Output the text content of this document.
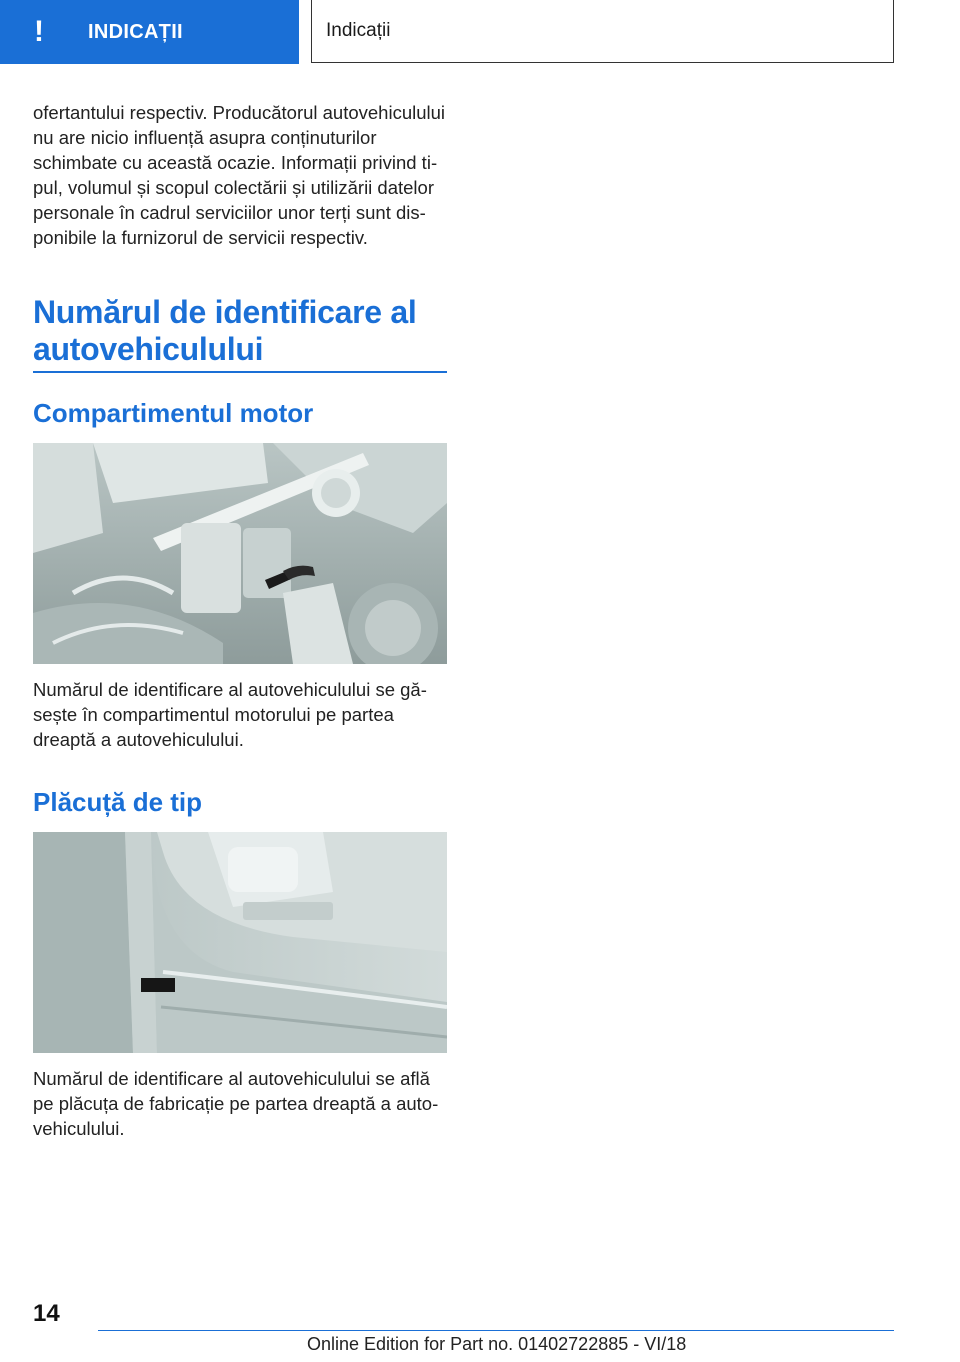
!	INDICAȚII	Indicații

ofertantului respectiv. Producătorul autovehiculului nu are nicio influență asupra conținuturilor schimbate cu această ocazie. Informații privind tipul, volumul și scopul colectării și utilizării datelor personale în cadrul serviciilor unor terți sunt disponibile la furnizorul de servicii respectiv.

Numărul de identificare al autovehiculului
Compartimentul motor

Numărul de identificare al autovehiculului se găsește în compartimentul motorului pe partea dreaptă a autovehiculului.

Plăcuță de tip

Numărul de identificare al autovehiculului se află pe plăcuța de fabricație pe partea dreaptă a autovehiculului.

14
Online Edition for Part no. 01402722885 - VI/18
